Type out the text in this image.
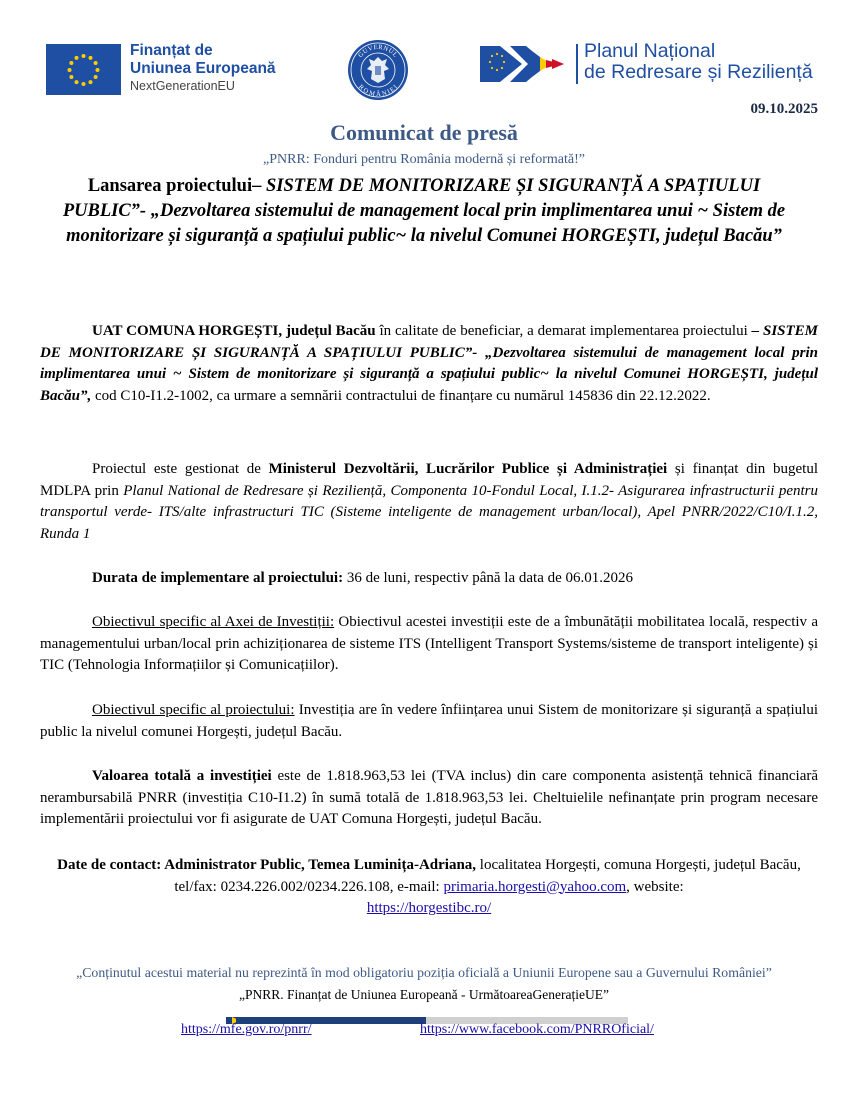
Finanțat de
Uniunea Europeană
NextGenerationEU
GUVERNUL
ROMÂNIEI
Planul Național
de Redresare și Reziliență
09.10.2025
Comunicat de presă
„PNRR: Fonduri pentru România modernă și reformată!”
Lansarea proiectului– SISTEM DE MONITORIZARE ȘI SIGURANȚĂ A SPAȚIULUI PUBLIC”- „Dezvoltarea sistemului de management local prin implimentarea unui ~ Sistem de monitorizare și siguranță a spațiului public~ la nivelul Comunei HORGEȘTI, județul Bacău”
UAT COMUNA HORGEȘTI, județul Bacău în calitate de beneficiar, a demarat implementarea proiectului – SISTEM DE MONITORIZARE ȘI SIGURANȚĂ A SPAȚIULUI PUBLIC”- „Dezvoltarea sistemului de management local prin implimentarea unui ~ Sistem de monitorizare și siguranță a spațiului public~ la nivelul Comunei HORGEȘTI, județul Bacău”, cod C10-I1.2-1002, ca urmare a semnării contractului de finanțare cu numărul 145836 din 22.12.2022.
Proiectul este gestionat de Ministerul Dezvoltării, Lucrărilor Publice și Administrației și finanțat din bugetul MDLPA prin Planul National de Redresare și Reziliență, Componenta 10-Fondul Local, I.1.2- Asigurarea infrastructurii pentru transportul verde- ITS/alte infrastructuri TIC (Sisteme inteligente de management urban/local), Apel PNRR/2022/C10/I.1.2, Runda 1
Durata de implementare al proiectului: 36 de luni, respectiv până la data de 06.01.2026
Obiectivul specific al Axei de Investiții: Obiectivul acestei investiții este de a îmbunătății mobilitatea locală, respectiv a managementului urban/local prin achiziționarea de sisteme ITS (Intelligent Transport Systems/sisteme de transport inteligente) și TIC (Tehnologia Informațiilor și Comunicațiilor).
Obiectivul specific al proiectului: Investiția are în vedere înființarea unui Sistem de monitorizare și siguranță a spațiului public la nivelul comunei Horgești, județul Bacău.
Valoarea totală a investiției este de 1.818.963,53 lei (TVA inclus) din care componenta asistență tehnică financiară nerambursabilă PNRR (investiția C10-I1.2) în sumă totală de 1.818.963,53 lei. Cheltuielile nefinanțate prin program necesare implementării proiectului vor fi asigurate de UAT Comuna Horgești, județul Bacău.
Date de contact: Administrator Public, Temea Luminița-Adriana, localitatea Horgești, comuna Horgești, județul Bacău, tel/fax: 0234.226.002/0234.226.108, e-mail: primaria.horgesti@yahoo.com, website:
https://horgestibc.ro/
„Conținutul acestui material nu reprezintă în mod obligatoriu poziția oficială a Uniunii Europene sau a Guvernului României”
„PNRR. Finanțat de Uniunea Europeană - UrmătoareaGenerațieUE”
https://mfe.gov.ro/pnrr/	https://www.facebook.com/PNRROficial/
